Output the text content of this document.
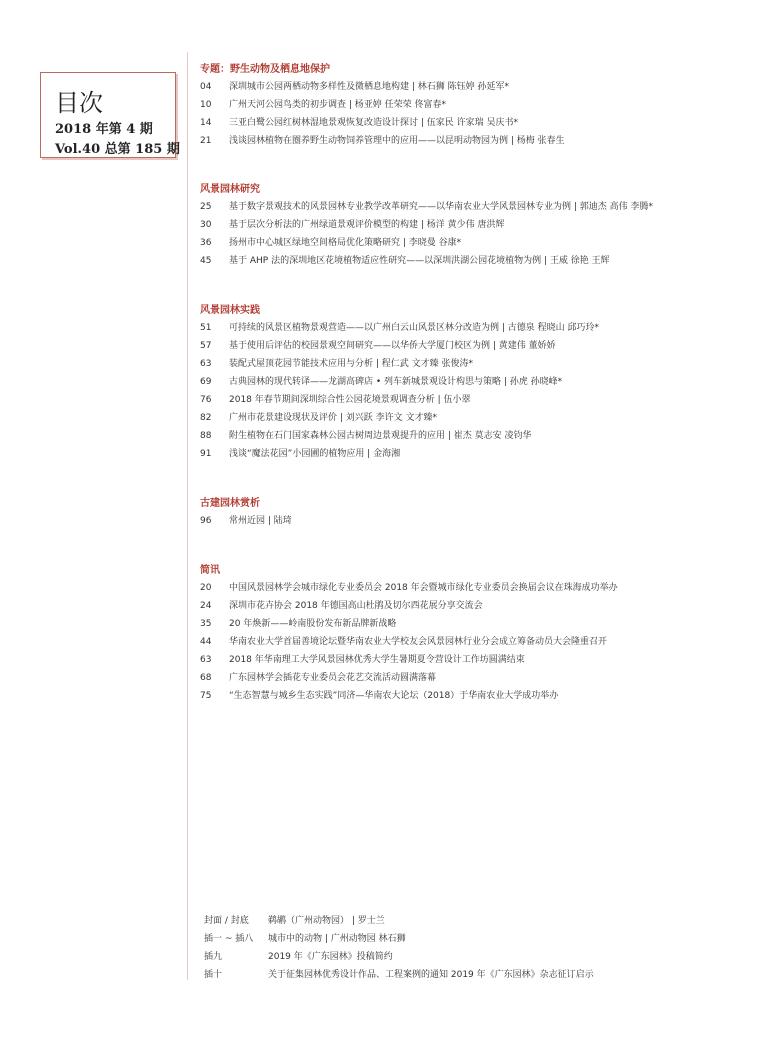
目次
2018 年第 4 期
Vol.40 总第 185 期
专题：野生动物及栖息地保护
04	深圳城市公园两栖动物多样性及微栖息地构建 | 林石狮 陈钰婷 孙延军*
10	广州天河公园鸟类的初步调查 | 杨亚婷 任荣荣 佟富春*
14	三亚白鹭公园红树林湿地景观恢复改造设计探讨 | 伍家民 许家瑞 吴庆书*
21	浅谈园林植物在圈养野生动物饲养管理中的应用——以昆明动物园为例 | 杨梅 张春生
风景园林研究
25	基于数字景观技术的风景园林专业教学改革研究——以华南农业大学风景园林专业为例 | 郭迪杰 高伟 李腾*
30	基于层次分析法的广州绿道景观评价模型的构建 | 杨洋 黄少伟 唐洪辉
36	扬州市中心城区绿地空间格局优化策略研究 | 李晓曼 谷康*
45	基于 AHP 法的深圳地区花境植物适应性研究——以深圳洪湖公园花境植物为例 | 王威 徐艳 王辉
风景园林实践
51	可持续的风景区植物景观营造——以广州白云山风景区林分改造为例 | 古德泉 程晓山 邱巧玲*
57	基于使用后评估的校园景观空间研究——以华侨大学厦门校区为例 | 黄建伟 董娇娇
63	装配式屋顶花园节能技术应用与分析 | 程仁武 文才臻 张俊涛*
69	古典园林的现代转译——龙湖高碑店 • 列车新城景观设计构思与策略 | 孙虎 孙晓峰*
76	2018 年春节期间深圳综合性公园花境景观调查分析 | 伍小翠
82	广州市花景建设现状及评价 | 刘兴跃 李许文 文才臻*
88	附生植物在石门国家森林公园古树周边景观提升的应用 | 崔杰 莫志安 凌钧华
91	浅谈“魔法花园”小园圃的植物应用 | 金海湘
古建园林赏析
96	常州近园 | 陆琦
简讯
20	中国风景园林学会城市绿化专业委员会 2018 年会暨城市绿化专业委员会换届会议在珠海成功举办
24	深圳市花卉协会 2018 年德国高山杜鹃及切尔西花展分享交流会
35	20 年焕新——岭南股份发布新品牌新战略
44	华南农业大学首届善境论坛暨华南农业大学校友会风景园林行业分会成立筹备动员大会隆重召开
63	2018 年华南理工大学风景园林优秀大学生暑期夏令营设计工作坊圆满结束
68	广东园林学会插花专业委员会花艺交流活动圆满落幕
75	“生态智慧与城乡生态实践”同济—华南农大论坛（2018）于华南农业大学成功举办
封面 / 封底	鹈鹕（广州动物园） | 罗士兰
插一 ~ 插八	城市中的动物 | 广州动物园 林石狮
插九	2019 年《广东园林》投稿简约
插十	关于征集园林优秀设计作品、工程案例的通知 2019 年《广东园林》杂志征订启示
